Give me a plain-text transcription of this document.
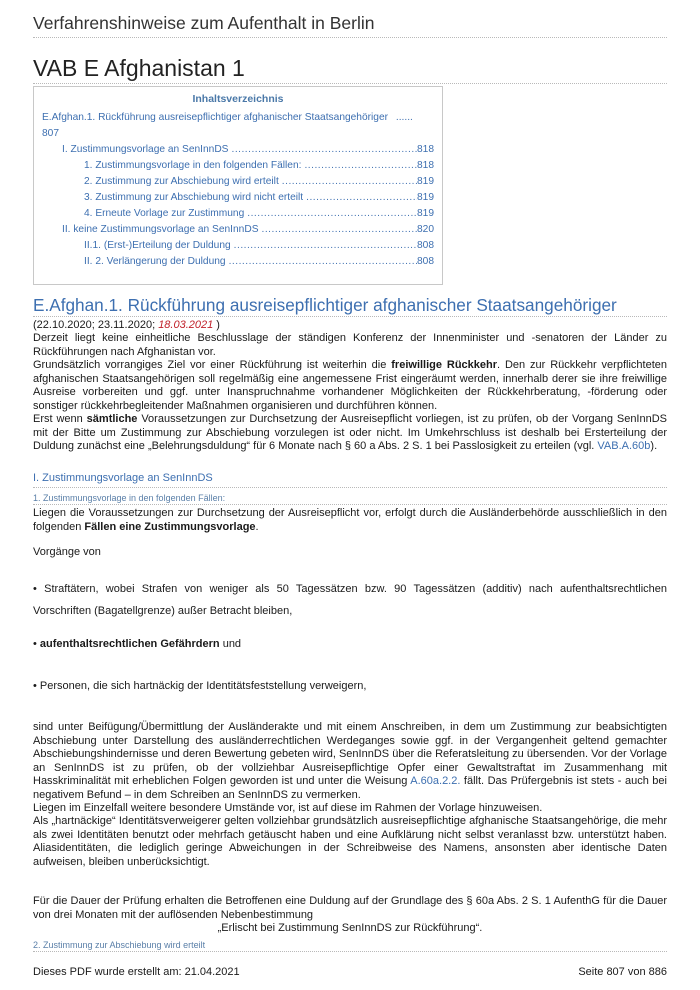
Verfahrenshinweise zum Aufenthalt in Berlin
VAB E Afghanistan 1
Inhaltsverzeichnis
E.Afghan.1. Rückführung ausreisepflichtiger afghanischer Staatsangehöriger ......
807
I. Zustimmungsvorlage an SenInnDS .....	818
1. Zustimmungsvorlage in den folgenden Fällen: .....	818
2. Zustimmung zur Abschiebung wird erteilt .....	819
3. Zustimmung zur Abschiebung wird nicht erteilt .....	819
4. Erneute Vorlage zur Zustimmung .....	819
II. keine Zustimmungsvorlage an SenInnDS .....	820
II.1. (Erst-)Erteilung der Duldung .....	808
II. 2. Verlängerung der Duldung .....	808
E.Afghan.1. Rückführung ausreisepflichtiger afghanischer Staatsangehöriger
(22.10.2020; 23.11.2020; 18.03.2021 )
Derzeit liegt keine einheitliche Beschlusslage der ständigen Konferenz der Innenminister und -senatoren der Länder zu Rückführungen nach Afghanistan vor.
Grundsätzlich vorrangiges Ziel vor einer Rückführung ist weiterhin die freiwillige Rückkehr. Den zur Rückkehr verpflichteten afghanischen Staatsangehörigen soll regelmäßig eine angemessene Frist eingeräumt werden, innerhalb derer sie ihre freiwillige Ausreise vorbereiten und ggf. unter Inanspruchnahme vorhandener Möglichkeiten der Rückkehrberatung, -förderung oder sonstiger rückkehrbegleitender Maßnahmen organisieren und durchführen können.
Erst wenn sämtliche Voraussetzungen zur Durchsetzung der Ausreisepflicht vorliegen, ist zu prüfen, ob der Vorgang SenInnDS mit der Bitte um Zustimmung zur Abschiebung vorzulegen ist oder nicht. Im Umkehrschluss ist deshalb bei Ersterteilung der Duldung zunächst eine „Belehrungsduldung“ für 6 Monate nach § 60 a Abs. 2 S. 1 bei Passlosigkeit zu erteilen (vgl. VAB.A.60b).
I. Zustimmungsvorlage an SenInnDS
1. Zustimmungsvorlage in den folgenden Fällen:
Liegen die Voraussetzungen zur Durchsetzung der Ausreisepflicht vor, erfolgt durch die Ausländerbehörde ausschließlich in den folgenden Fällen eine Zustimmungsvorlage.
Vorgänge von
• Straftätern, wobei Strafen von weniger als 50 Tagessätzen bzw. 90 Tagessätzen (additiv) nach aufenthaltsrechtlichen Vorschriften (Bagatellgrenze) außer Betracht bleiben,
• aufenthaltsrechtlichen Gefährdern und
• Personen, die sich hartnäckig der Identitätsfeststellung verweigern,
sind unter Beifügung/Übermittlung der Ausländerakte und mit einem Anschreiben, in dem um Zustimmung zur beabsichtigten Abschiebung unter Darstellung des ausländerrechtlichen Werdeganges sowie ggf. in der Vergangenheit geltend gemachter Abschiebungshindernisse und deren Bewertung gebeten wird, SenInnDS über die Referatsleitung zu übersenden. Vor der Vorlage an SenInnDS ist zu prüfen, ob der vollziehbar Ausreisepflichtige Opfer einer Gewaltstraftat im Zusammenhang mit Hasskriminalität mit erheblichen Folgen geworden ist und unter die Weisung A.60a.2.2. fällt. Das Prüfergebnis ist stets - auch bei negativem Befund – in dem Schreiben an SenInnDS zu vermerken.
Liegen im Einzelfall weitere besondere Umstände vor, ist auf diese im Rahmen der Vorlage hinzuweisen.
Als „hartnäckige“ Identitätsverweigerer gelten vollziehbar grundsätzlich ausreisepflichtige afghanische Staatsangehörige, die mehr als zwei Identitäten benutzt oder mehrfach getäuscht haben und eine Aufklärung nicht selbst veranlasst bzw. unterstützt haben. Aliasidentitäten, die lediglich geringe Abweichungen in der Schreibweise des Namens, ansonsten aber identische Daten aufweisen, bleiben unberücksichtigt.
Für die Dauer der Prüfung erhalten die Betroffenen eine Duldung auf der Grundlage des § 60a Abs. 2 S. 1 AufenthG für die Dauer von drei Monaten mit der auflösenden Nebenbestimmung
„Erlischt bei Zustimmung SenInnDS zur Rückführung“.
2. Zustimmung zur Abschiebung wird erteilt
Dieses PDF wurde erstellt am: 21.04.2021	Seite 807 von 886
